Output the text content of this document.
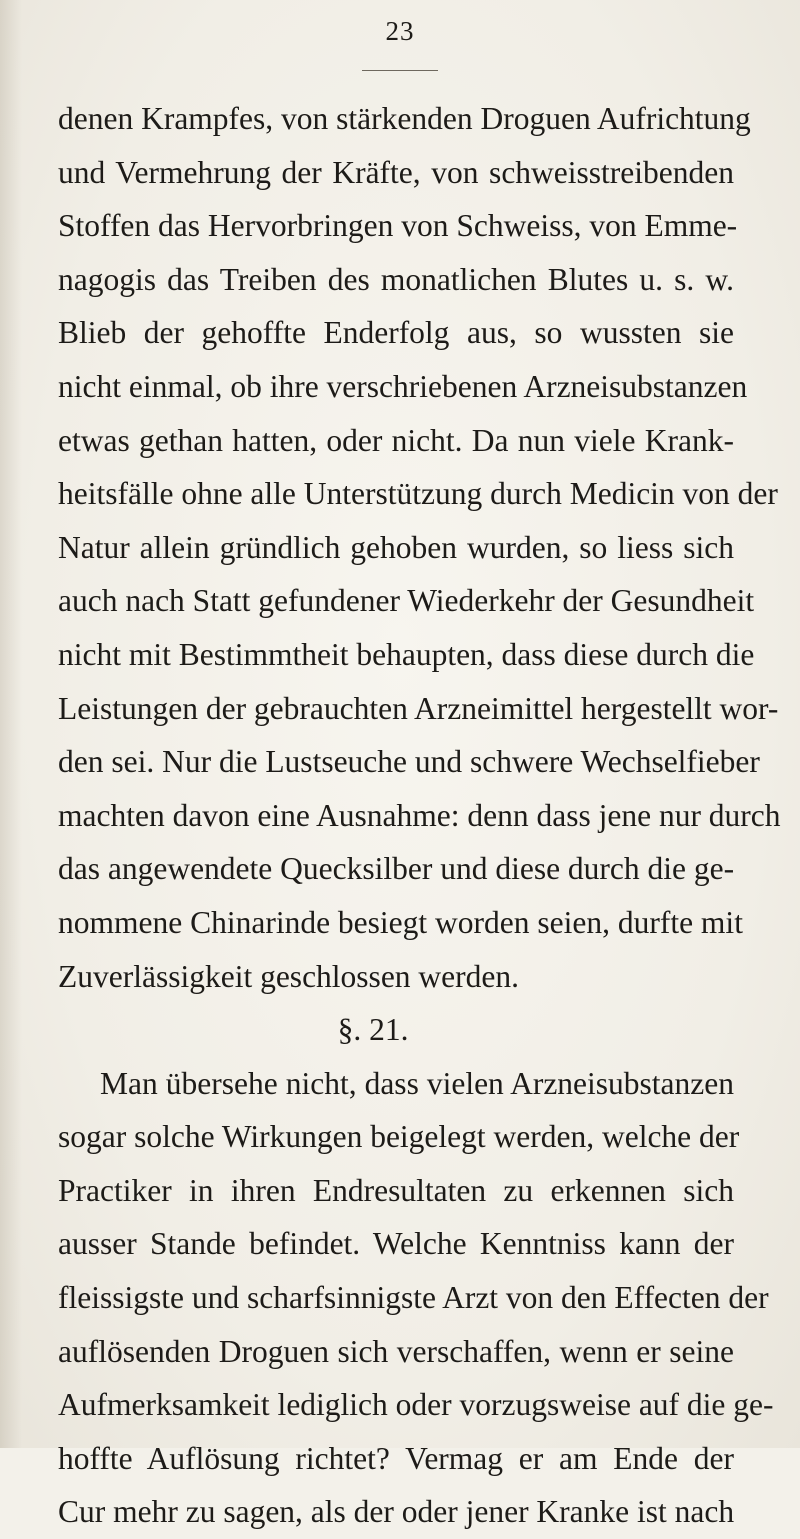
23
denen Krampfes, von stärkenden Droguen Aufrichtung
und Vermehrung der Kräfte, von schweisstreibenden
Stoffen das Hervorbringen von Schweiss, von Emme-
nagogis das Treiben des monatlichen Blutes u. s. w.
Blieb der gehoffte Enderfolg aus, so wussten sie
nicht einmal, ob ihre verschriebenen Arzneisubstanzen
etwas gethan hatten, oder nicht. Da nun viele Krank-
heitsfälle ohne alle Unterstützung durch Medicin von der
Natur allein gründlich gehoben wurden, so liess sich
auch nach Statt gefundener Wiederkehr der Gesundheit
nicht mit Bestimmtheit behaupten, dass diese durch die
Leistungen der gebrauchten Arzneimittel hergestellt wor-
den sei. Nur die Lustseuche und schwere Wechselfieber
machten davon eine Ausnahme: denn dass jene nur durch
das angewendete Quecksilber und diese durch die ge-
nommene Chinarinde besiegt worden seien, durfte mit
Zuverlässigkeit geschlossen werden.
§. 21.
Man übersehe nicht, dass vielen Arzneisubstanzen
sogar solche Wirkungen beigelegt werden, welche der
Practiker in ihren Endresultaten zu erkennen sich
ausser Stande befindet. Welche Kenntniss kann der
fleissigste und scharfsinnigste Arzt von den Effecten der
auflösenden Droguen sich verschaffen, wenn er seine
Aufmerksamkeit lediglich oder vorzugsweise auf die ge-
hoffte Auflösung richtet? Vermag er am Ende der
Cur mehr zu sagen, als der oder jener Kranke ist nach
